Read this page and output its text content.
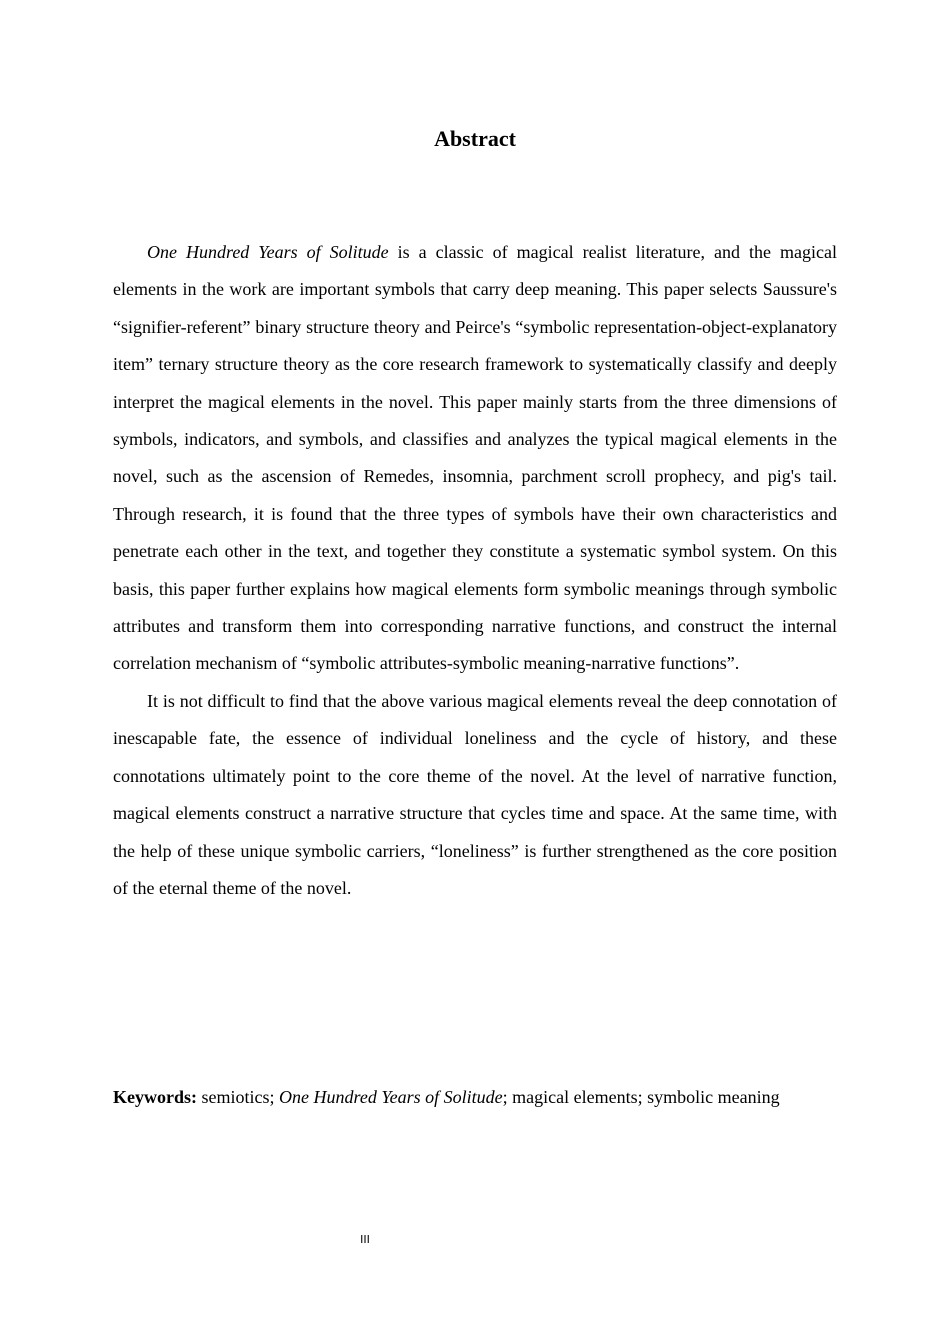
Abstract

One Hundred Years of Solitude is a classic of magical realist literature, and the magical elements in the work are important symbols that carry deep meaning. This paper selects Saussure's “signifier-referent” binary structure theory and Peirce's “symbolic representation-object-explanatory item” ternary structure theory as the core research framework to systematically classify and deeply interpret the magical elements in the novel. This paper mainly starts from the three dimensions of symbols, indicators, and symbols, and classifies and analyzes the typical magical elements in the novel, such as the ascension of Remedes, insomnia, parchment scroll prophecy, and pig's tail. Through research, it is found that the three types of symbols have their own characteristics and penetrate each other in the text, and together they constitute a systematic symbol system. On this basis, this paper further explains how magical elements form symbolic meanings through symbolic attributes and transform them into corresponding narrative functions, and construct the internal correlation mechanism of “symbolic attributes-symbolic meaning-narrative functions”.

It is not difficult to find that the above various magical elements reveal the deep connotation of inescapable fate, the essence of individual loneliness and the cycle of history, and these connotations ultimately point to the core theme of the novel. At the level of narrative function, magical elements construct a narrative structure that cycles time and space. At the same time, with the help of these unique symbolic carriers, “loneliness” is further strengthened as the core position of the eternal theme of the novel.

Keywords: semiotics; One Hundred Years of Solitude; magical elements; symbolic meaning

III
